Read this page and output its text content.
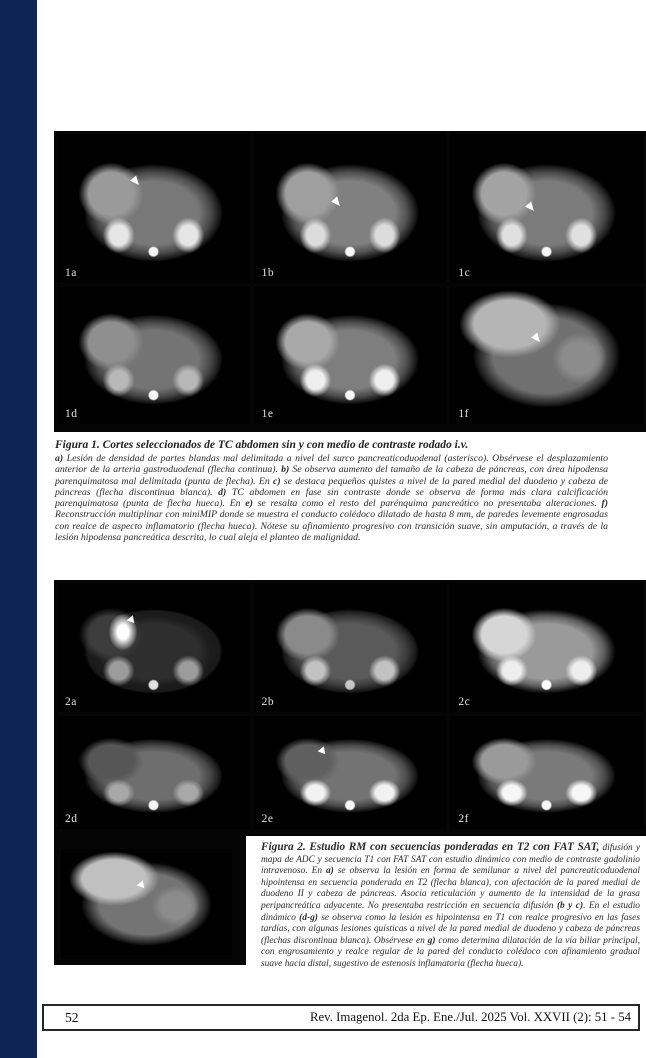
1a	1b	1c
1d	1e	1f
Figura 1. Cortes seleccionados de TC abdomen sin y con medio de contraste rodado i.v.
a) Lesión de densidad de partes blandas mal delimitada a nivel del surco pancreaticoduodenal (asterisco). Obsérvese el desplazamiento anterior de la arteria gastroduodenal (flecha continua). b) Se observa aumento del tamaño de la cabeza de páncreas, con área hipodensa parenquimatosa mal delimitada (punta de flecha). En c) se destaca pequeños quistes a nivel de la pared medial del duodeno y cabeza de páncreas (flecha discontinua blanca). d) TC abdomen en fase sin contraste donde se observa de forma más clara calcificación parenquimatosa (punta de flecha hueca). En e) se resalta como el resto del parénquima pancreático no presentaba alteraciones. f) Reconstrucción multiplinar con miniMIP donde se muestra el conducto colédoco dilatado de hasta 8 mm, de paredes levemente engrosadas con realce de aspecto inflamatorio (flecha hueca). Nótese su afinamiento progresivo con transición suave, sin amputación, a través de la lesión hipodensa pancreática descrita, lo cual aleja el planteo de malignidad.
2a	2b	2c
2d	2e	2f
Figura 2. Estudio RM con secuencias ponderadas en T2 con FAT SAT, difusión y mapa de ADC y secuencia T1 con FAT SAT con estudio dinámico con medio de contraste gadolinio intravenoso. En a) se observa la lesión en forma de semilunar a nivel del pancreaticoduodenal hipointensa en secuencia ponderada en T2 (flecha blanca), con afectación de la pared medial de duodeno II y cabeza de páncreas. Asocia reticulación y aumento de la intensidad de la grasa peripancreática adyacente. No presentaba restricción en secuencia difusión (b y c). En el estudio dinámico (d-g) se observa como la lesión es hipointensa en T1 con realce progresivo en las fases tardías, con algunas lesiones quísticas a nivel de la pared medial de duodeno y cabeza de páncreas (flechas discontinua blanca). Obsérvese en g) como determina dilatación de la vía biliar principal, con engrosamiento y realce regular de la pared del conducto colédoco con afinamiento gradual suave hacia distal, sugestivo de estenosis inflamatoria (flecha hueca).
52	Rev. Imagenol. 2da Ep. Ene./Jul. 2025 Vol. XXVII (2): 51 - 54
